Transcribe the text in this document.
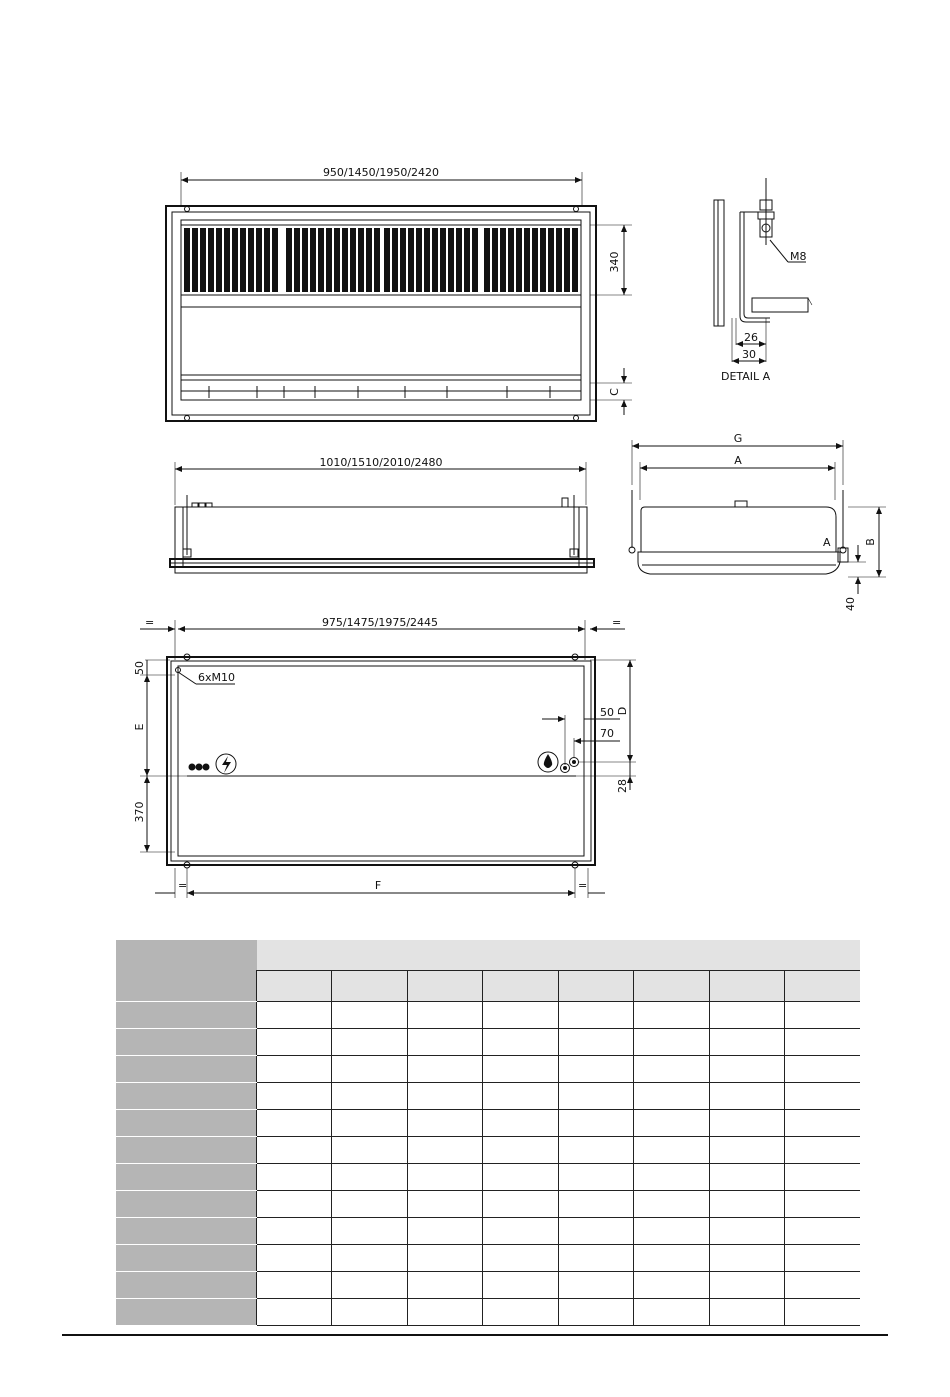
950/1450/1950/2420
340
C
M8
26
30
DETAIL A
1010/1510/2010/2480
G
A
A	B
40
=	=
975/1475/1975/2445
50
6xM10
E
370
D
28
50
70
F
=	=
